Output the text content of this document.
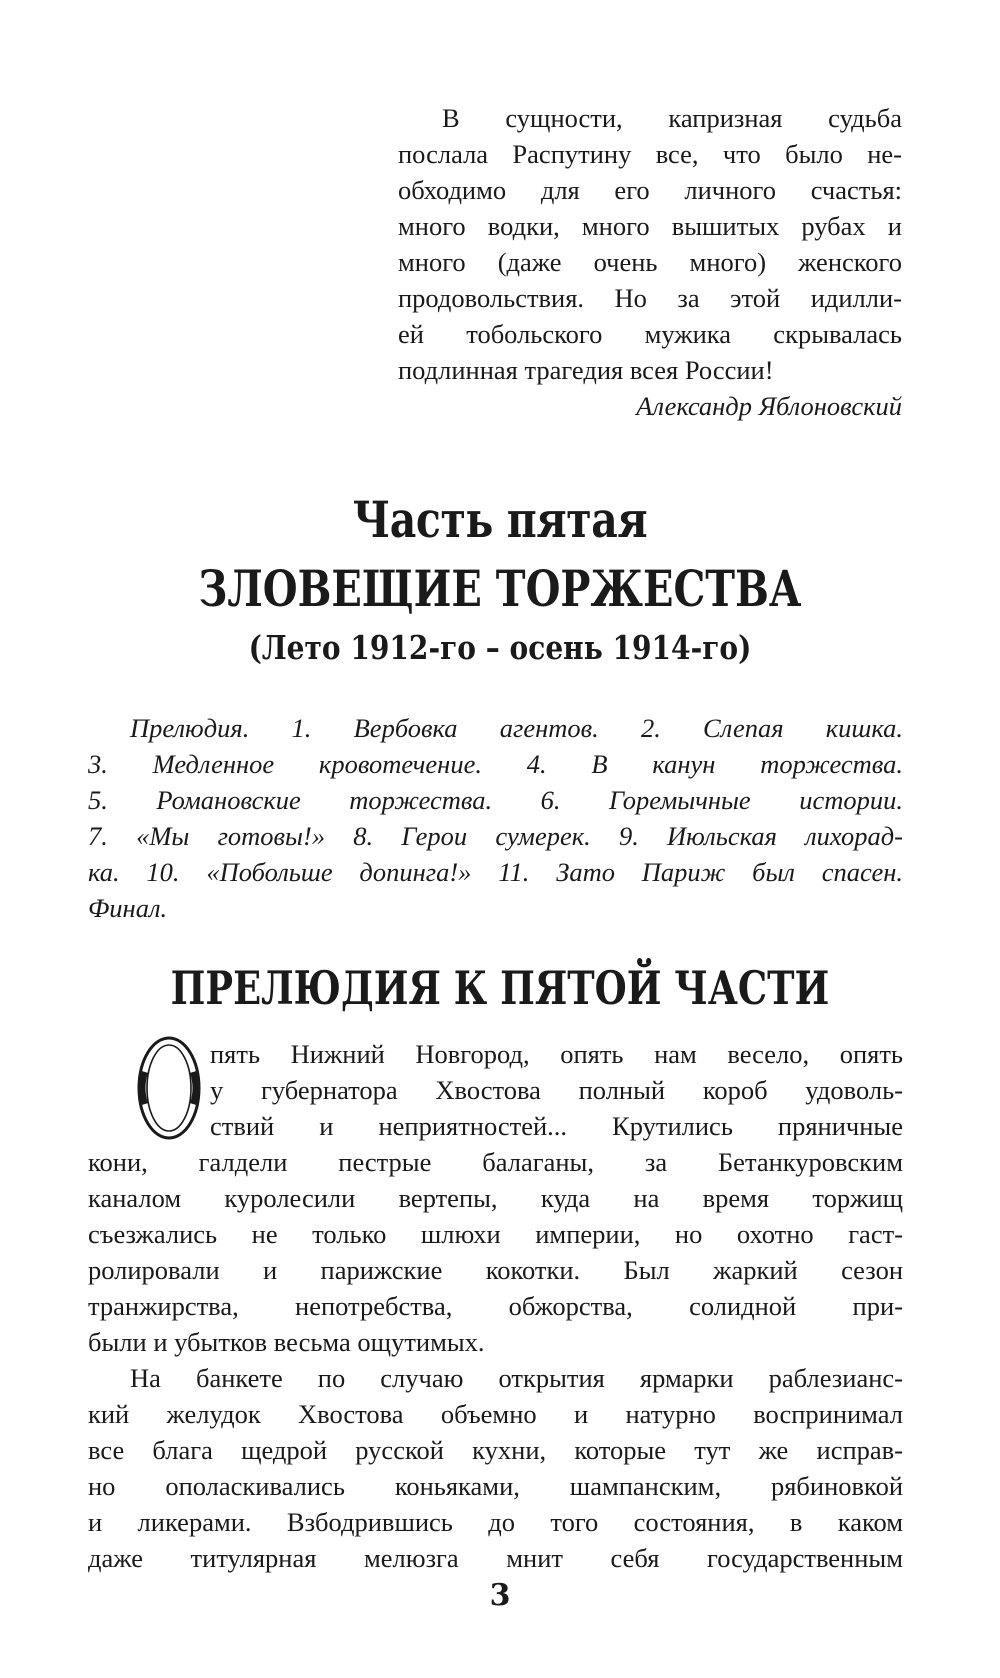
В сущности, капризная судьба
послала Распутину все, что было не-
обходимо для его личного счастья:
много водки, много вышитых рубах и
много (даже очень много) женского
продовольствия. Но за этой идилли-
ей тобольского мужика скрывалась
подлинная трагедия всея России!
Александр Яблоновский
Часть пятая
ЗЛОВЕЩИЕ ТОРЖЕСТВА
(Лето 1912-го – осень 1914-го)
Прелюдия. 1. Вербовка агентов. 2. Слепая кишка.
3. Медленное кровотечение. 4. В канун торжества.
5. Романовские торжества. 6. Горемычные истории.
7. «Мы готовы!» 8. Герои сумерек. 9. Июльская лихорад-
ка. 10. «Побольше допинга!» 11. Зато Париж был спасен.
Финал.
ПРЕЛЮДИЯ К ПЯТОЙ ЧАСТИ
О
пять Нижний Новгород, опять нам весело, опять
у губернатора Хвостова полный короб удоволь-
ствий и неприятностей... Крутились пряничные
кони, галдели пестрые балаганы, за Бетанкуровским
каналом куролесили вертепы, куда на время торжищ
съезжались не только шлюхи империи, но охотно гаст-
ролировали и парижские кокотки. Был жаркий сезон
транжирства, непотребства, обжорства, солидной при-
были и убытков весьма ощутимых.
На банкете по случаю открытия ярмарки раблезианс-
кий желудок Хвостова объемно и натурно воспринимал
все блага щедрой русской кухни, которые тут же исправ-
но ополаскивались коньяками, шампанским, рябиновкой
и ликерами. Взбодрившись до того состояния, в каком
даже титулярная мелюзга мнит себя государственным
3
